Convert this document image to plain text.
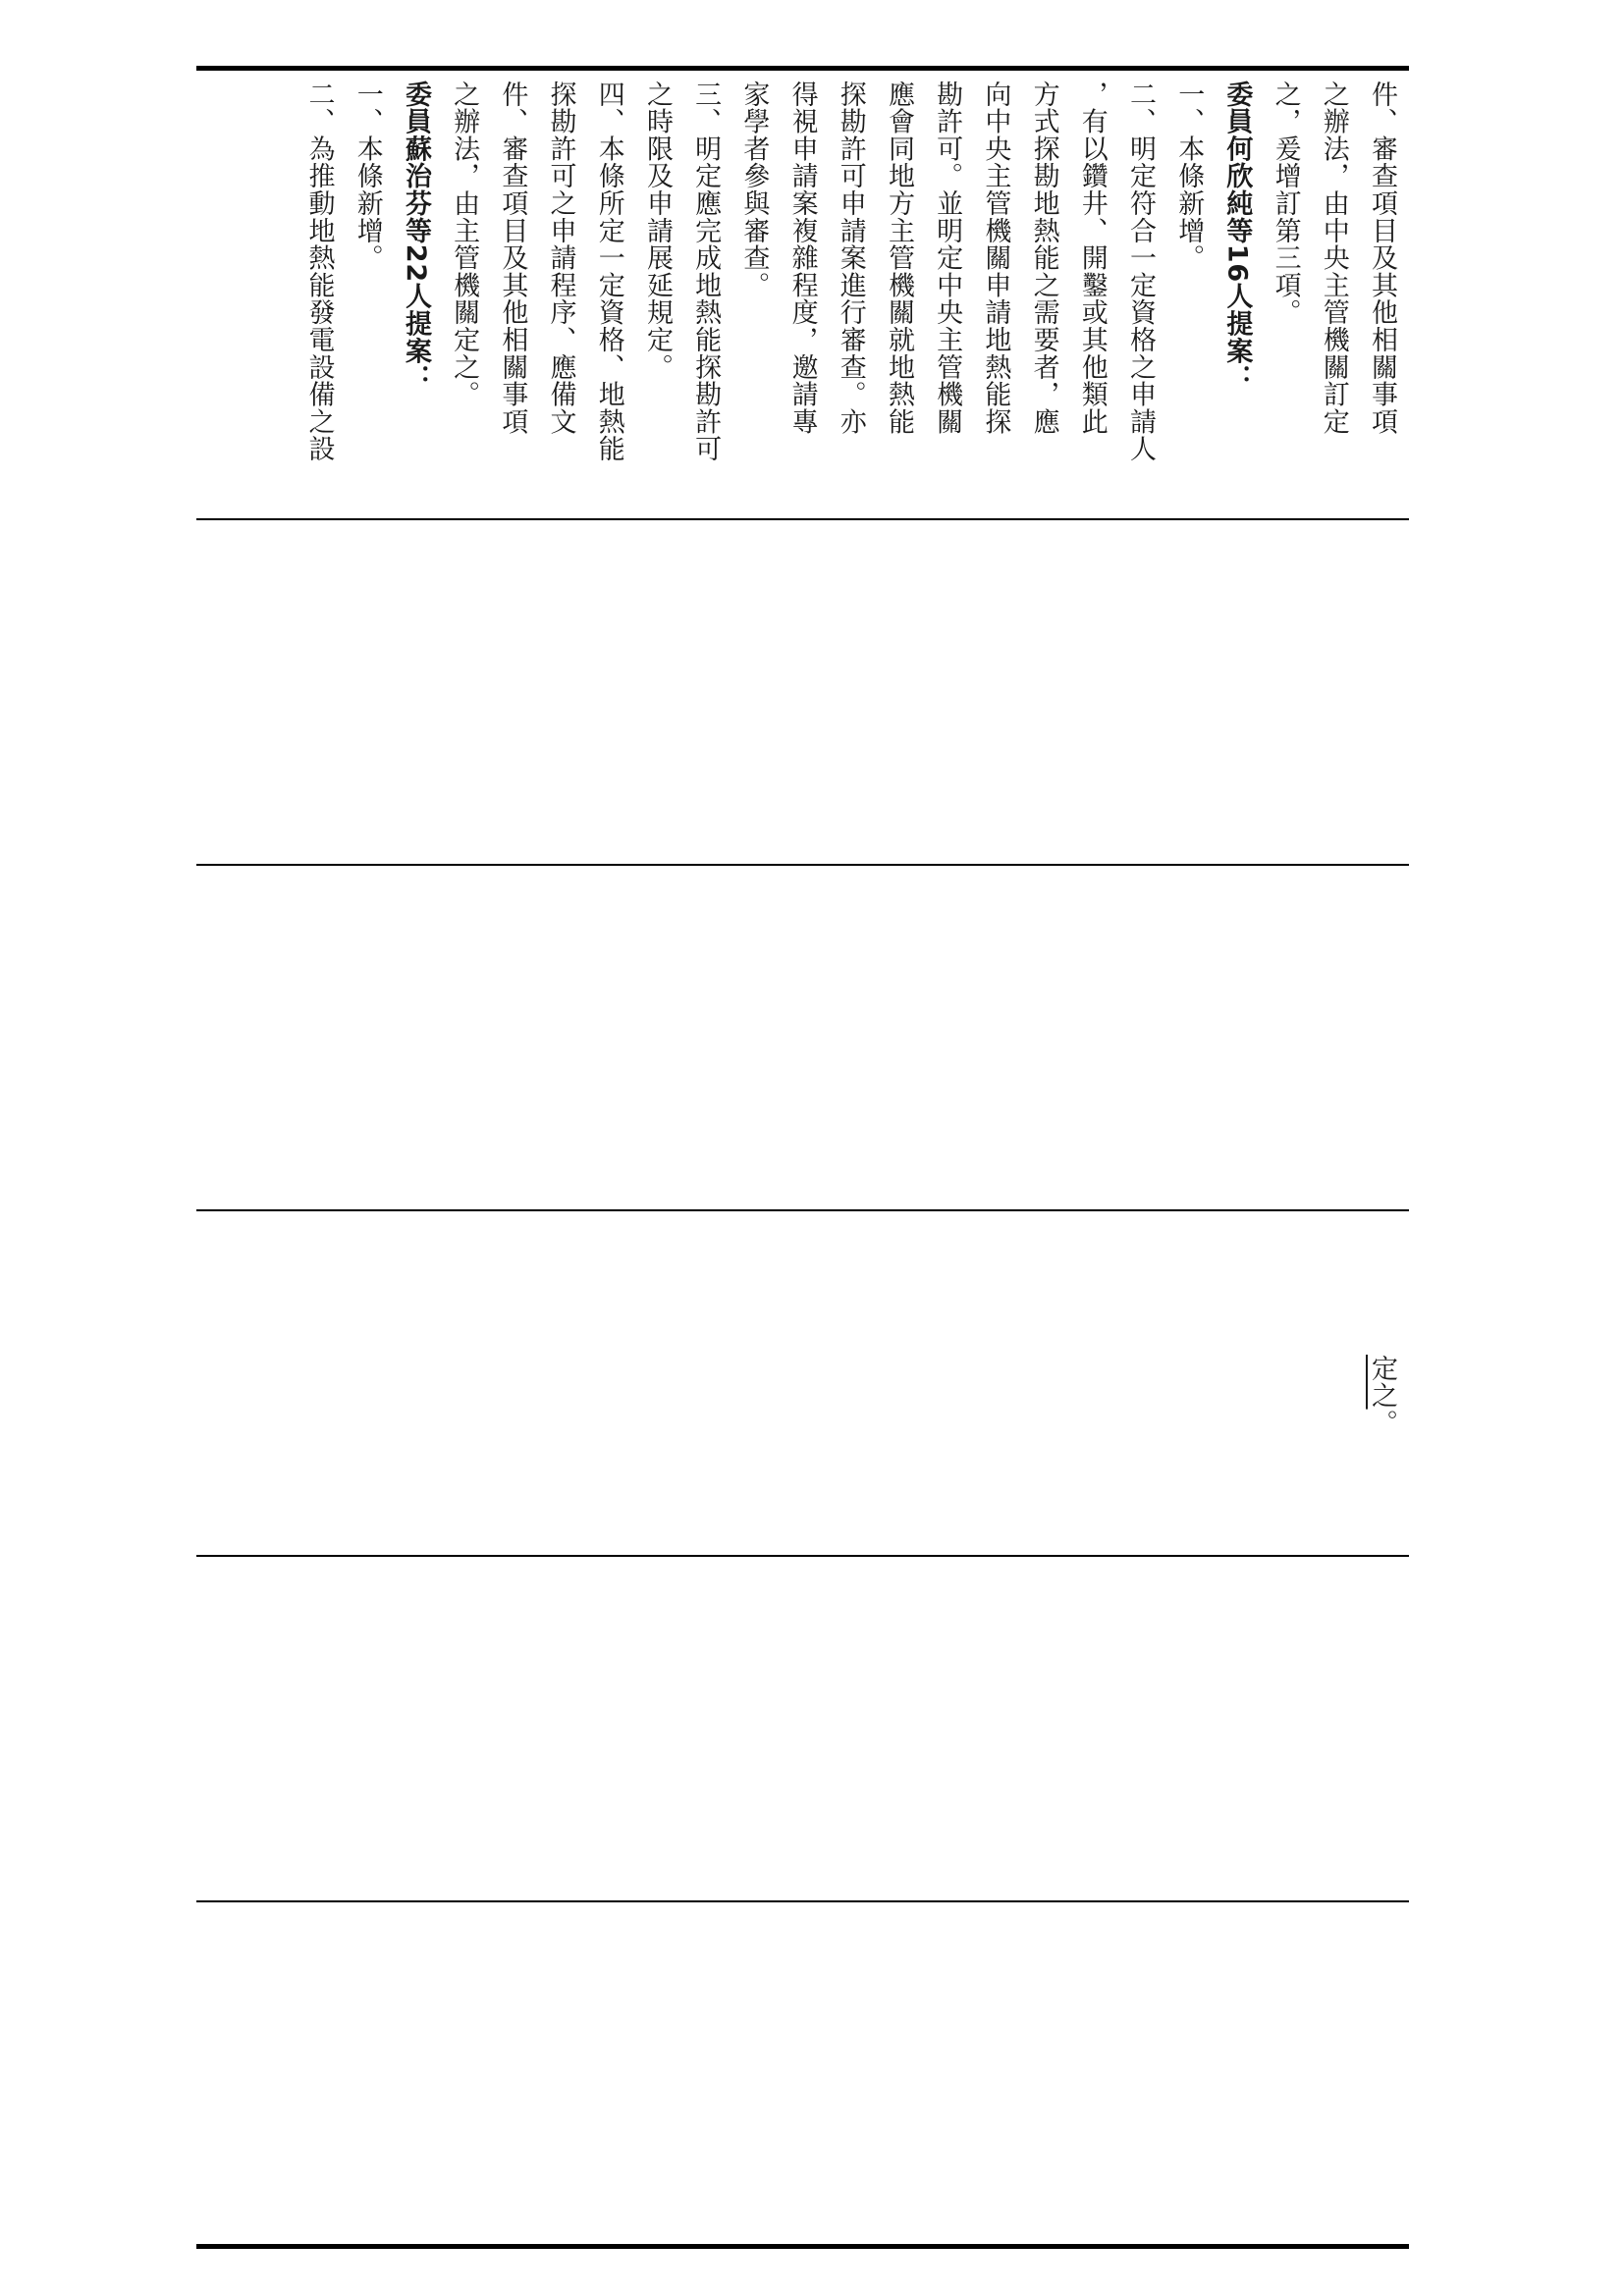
件、審查項目及其他相關事項
之辦法，由中央主管機關訂定
之，爰增訂第三項。
委員何欣純等16人提案：
一、本條新增。
二、明定符合一定資格之申請人
，有以鑽井、開鑿或其他類此
方式探勘地熱能之需要者，應
向中央主管機關申請地熱能探
勘許可。並明定中央主管機關
應會同地方主管機關就地熱能
探勘許可申請案進行審查。亦
得視申請案複雜程度，邀請專
家學者參與審查。
三、明定應完成地熱能探勘許可
之時限及申請展延規定。
四、本條所定一定資格、地熱能
探勘許可之申請程序、應備文
件、審查項目及其他相關事項
之辦法，由主管機關定之。
委員蘇治芬等22人提案：
一、本條新增。
二、為推動地熱能發電設備之設
定之。
